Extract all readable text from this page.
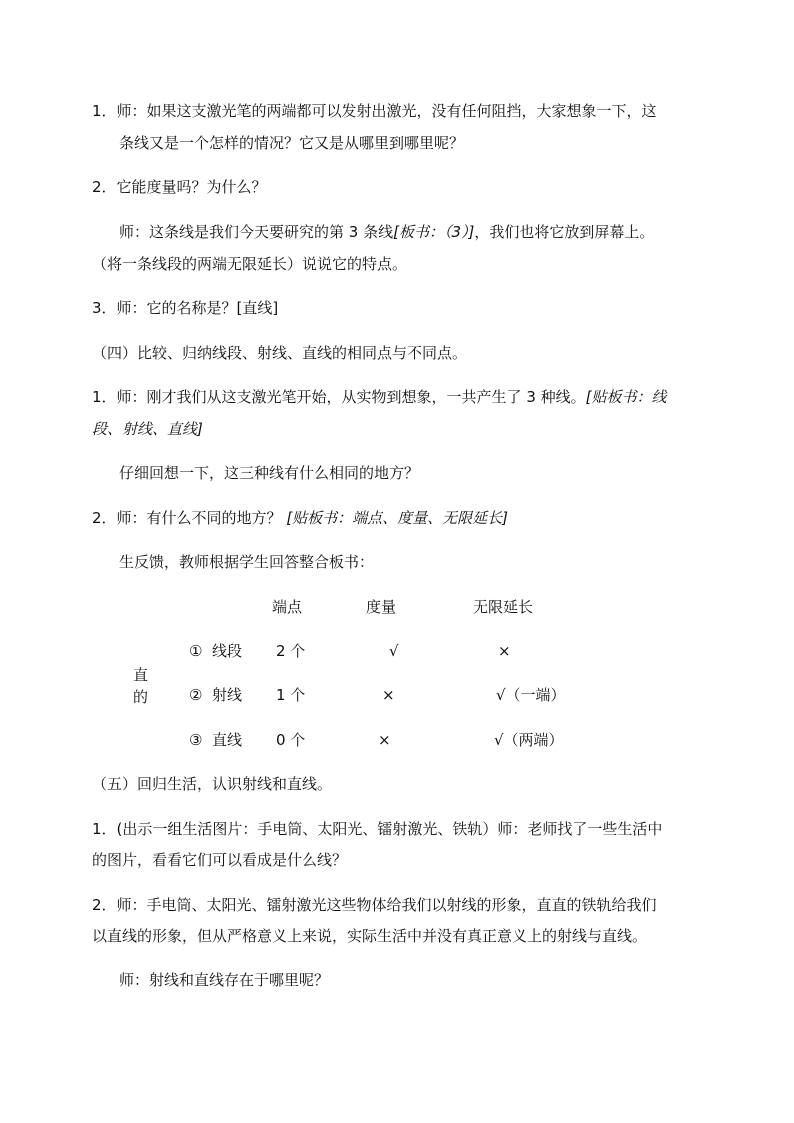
1．师：如果这支激光笔的两端都可以发射出激光，没有任何阻挡，大家想象一下，这
条线又是一个怎样的情况？它又是从哪里到哪里呢？
2．它能度量吗？为什么？
师：这条线是我们今天要研究的第 3 条线[板书：（3）]，我们也将它放到屏幕上。
（将一条线段的两端无限延长）说说它的特点。
3．师：它的名称是？[直线]
（四）比较、归纳线段、射线、直线的相同点与不同点。
1．师：刚才我们从这支激光笔开始，从实物到想象，一共产生了 3 种线。[贴板书：线
段、射线、直线]
仔细回想一下，这三种线有什么相同的地方？
2．师：有什么不同的地方？ [贴板书：端点、度量、无限延长]
生反馈，教师根据学生回答整合板书：
端点	度量	无限延长
直
的
① 线段 2 个	√	×
② 射线 1 个	×	√（一端）
③ 直线 0 个	×	√（两端）
（五）回归生活，认识射线和直线。
1．(出示一组生活图片：手电筒、太阳光、镭射激光、铁轨）师：老师找了一些生活中
的图片，看看它们可以看成是什么线？
2．师：手电筒、太阳光、镭射激光这些物体给我们以射线的形象，直直的铁轨给我们
以直线的形象，但从严格意义上来说，实际生活中并没有真正意义上的射线与直线。
师：射线和直线存在于哪里呢？
